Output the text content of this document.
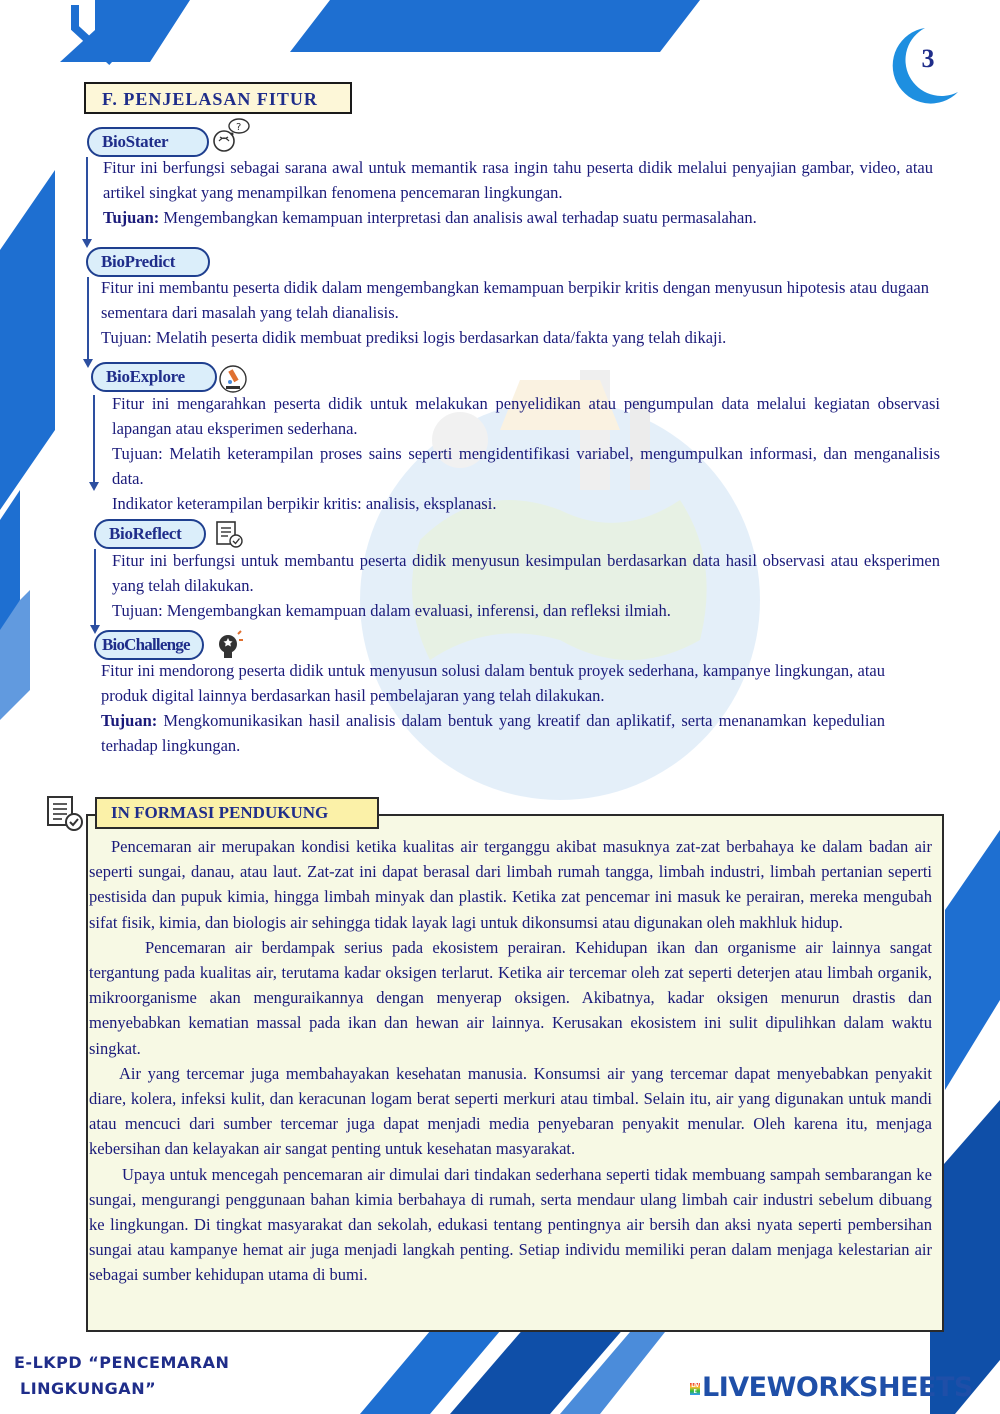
3
F. PENJELASAN FITUR
BioStater
?

Fitur ini berfungsi sebagai sarana awal untuk memantik rasa ingin tahu peserta didik melalui penyajian gambar, video, atau artikel singkat yang menampilkan fenomena pencemaran lingkungan.

Tujuan: Mengembangkan kemampuan interpretasi dan analisis awal terhadap suatu permasalahan.

BioPredict

Fitur ini membantu peserta didik dalam mengembangkan kemampuan berpikir kritis dengan menyusun hipotesis atau dugaan sementara dari masalah yang telah dianalisis.

Tujuan: Melatih peserta didik membuat prediksi logis berdasarkan data/fakta yang telah dikaji.

BioExplore

Fitur ini mengarahkan peserta didik untuk melakukan penyelidikan atau pengumpulan data melalui kegiatan observasi lapangan atau eksperimen sederhana.

Tujuan: Melatih keterampilan proses sains seperti mengidentifikasi variabel, mengumpulkan informasi, dan menganalisis data.

Indikator keterampilan berpikir kritis: analisis, eksplanasi.

BioReflect

Fitur ini berfungsi untuk membantu peserta didik menyusun kesimpulan berdasarkan data hasil observasi atau eksperimen yang telah dilakukan.

Tujuan: Mengembangkan kemampuan dalam evaluasi, inferensi, dan refleksi ilmiah.

BioChallenge

Fitur ini mendorong peserta didik untuk menyusun solusi dalam bentuk proyek sederhana, kampanye lingkungan, atau produk digital lainnya berdasarkan hasil pembelajaran yang telah dilakukan.

Tujuan: Mengkomunikasikan hasil analisis dalam bentuk yang kreatif dan aplikatif, serta menanamkan kepedulian terhadap lingkungan.

IN FORMASI PENDUKUNG

Pencemaran air merupakan kondisi ketika kualitas air terganggu akibat masuknya zat-zat berbahaya ke dalam badan air seperti sungai, danau, atau laut. Zat-zat ini dapat berasal dari limbah rumah tangga, limbah industri, limbah pertanian seperti pestisida dan pupuk kimia, hingga limbah minyak dan plastik. Ketika zat pencemar ini masuk ke perairan, mereka mengubah sifat fisik, kimia, dan biologis air sehingga tidak layak lagi untuk dikonsumsi atau digunakan oleh makhluk hidup.

Pencemaran air berdampak serius pada ekosistem perairan. Kehidupan ikan dan organisme air lainnya sangat tergantung pada kualitas air, terutama kadar oksigen terlarut. Ketika air tercemar oleh zat seperti deterjen atau limbah organik, mikroorganisme akan menguraikannya dengan menyerap oksigen. Akibatnya, kadar oksigen menurun drastis dan menyebabkan kematian massal pada ikan dan hewan air lainnya. Kerusakan ekosistem ini sulit dipulihkan dalam waktu singkat.

Air yang tercemar juga membahayakan kesehatan manusia. Konsumsi air yang tercemar dapat menyebabkan penyakit diare, kolera, infeksi kulit, dan keracunan logam berat seperti merkuri atau timbal. Selain itu, air yang digunakan untuk mandi atau mencuci dari sumber tercemar juga dapat menjadi media penyebaran penyakit menular. Oleh karena itu, menjaga kebersihan dan kelayakan air sangat penting untuk kesehatan masyarakat.

Upaya untuk mencegah pencemaran air dimulai dari tindakan sederhana seperti tidak membuang sampah sembarangan ke sungai, mengurangi penggunaan bahan kimia berbahaya di rumah, serta mendaur ulang limbah cair industri sebelum dibuang ke lingkungan. Di tingkat masyarakat dan sekolah, edukasi tentang pentingnya air bersih dan aksi nyata seperti pembersihan sungai atau kampanye hemat air juga menjadi langkah penting. Setiap individu memiliki peran dalam menjaga kelestarian air sebagai sumber kehidupan utama di bumi.

E-LKPD “PENCEMARAN
LINGKUNGAN”	LIVE LIVEWORKSHEETS
